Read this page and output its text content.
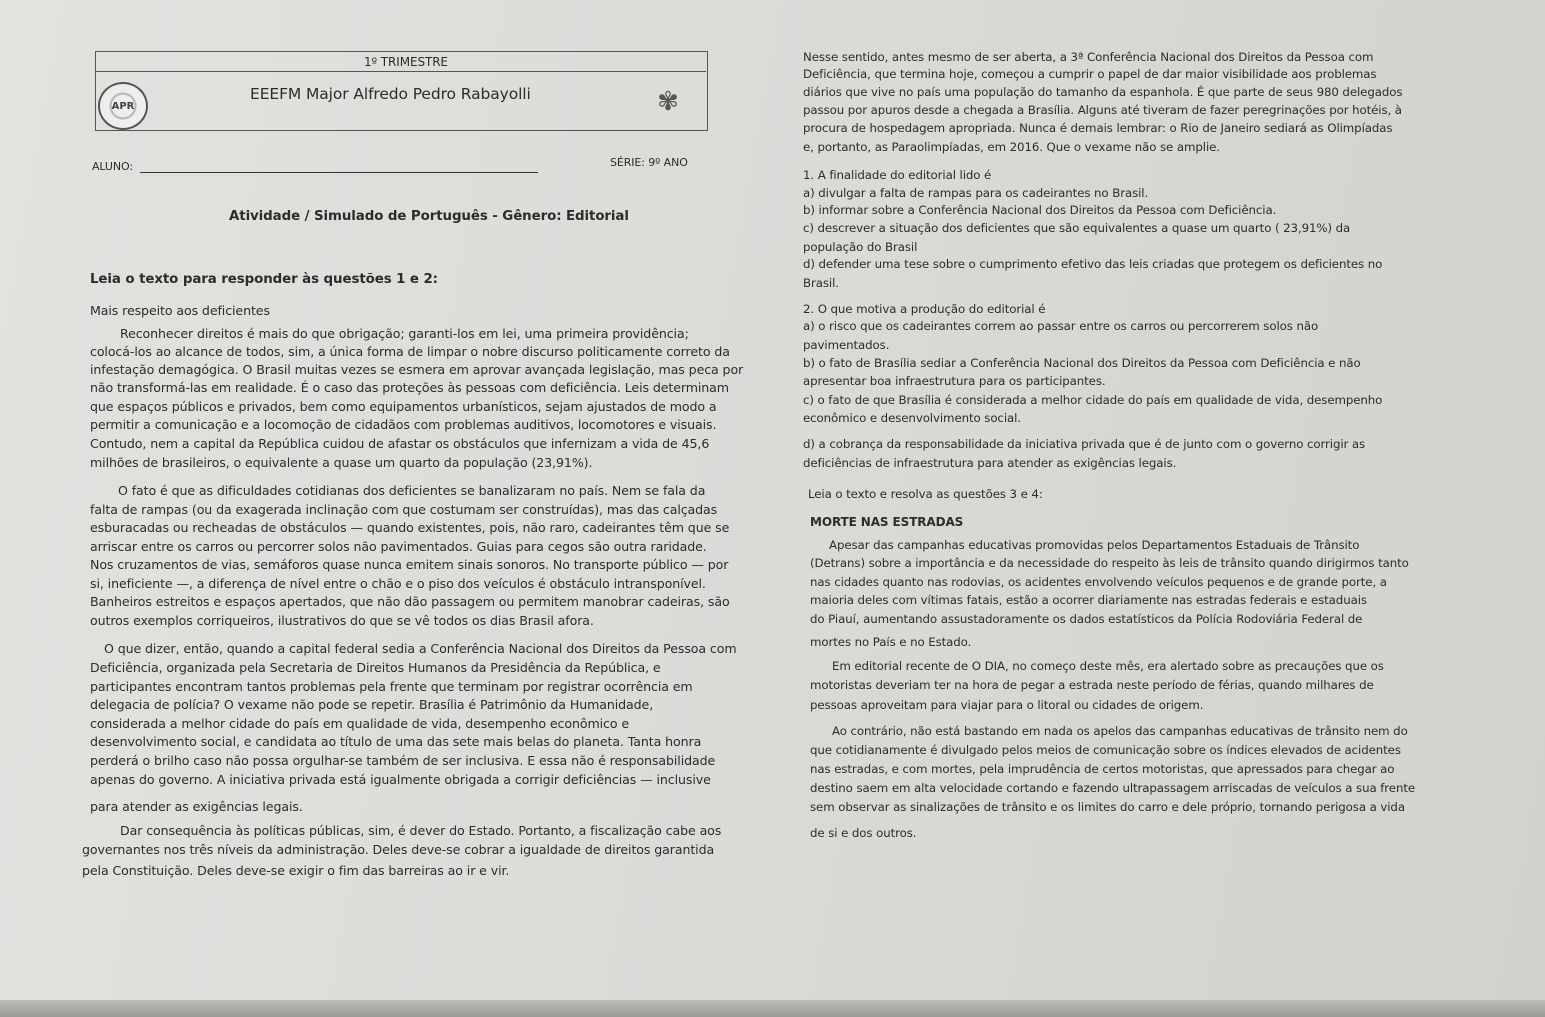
1º TRIMESTRE
APR
EEEFM Major Alfredo Pedro Rabayolli	✾
ALUNO:	SÉRIE: 9º ANO
Atividade / Simulado de Português - Gênero: Editorial
Leia o texto para responder às questões 1 e 2:
Mais respeito aos deficientes
Reconhecer direitos é mais do que obrigação; garanti-los em lei, uma primeira providência;
colocá-los ao alcance de todos, sim, a única forma de limpar o nobre discurso politicamente correto da
infestação demagógica. O Brasil muitas vezes se esmera em aprovar avançada legislação, mas peca por
não transformá-las em realidade. É o caso das proteções às pessoas com deficiência. Leis determinam
que espaços públicos e privados, bem como equipamentos urbanísticos, sejam ajustados de modo a
permitir a comunicação e a locomoção de cidadãos com problemas auditivos, locomotores e visuais.
Contudo, nem a capital da República cuidou de afastar os obstáculos que infernizam a vida de 45,6
milhões de brasileiros, o equivalente a quase um quarto da população (23,91%).
O fato é que as dificuldades cotidianas dos deficientes se banalizaram no país. Nem se fala da
falta de rampas (ou da exagerada inclinação com que costumam ser construídas), mas das calçadas
esburacadas ou recheadas de obstáculos — quando existentes, pois, não raro, cadeirantes têm que se
arriscar entre os carros ou percorrer solos não pavimentados. Guias para cegos são outra raridade.
Nos cruzamentos de vias, semáforos quase nunca emitem sinais sonoros. No transporte público — por
si, ineficiente —, a diferença de nível entre o chão e o piso dos veículos é obstáculo intransponível.
Banheiros estreitos e espaços apertados, que não dão passagem ou permitem manobrar cadeiras, são
outros exemplos corriqueiros, ilustrativos do que se vê todos os dias Brasil afora.
O que dizer, então, quando a capital federal sedia a Conferência Nacional dos Direitos da Pessoa com
Deficiência, organizada pela Secretaria de Direitos Humanos da Presidência da República, e
participantes encontram tantos problemas pela frente que terminam por registrar ocorrência em
delegacia de polícia? O vexame não pode se repetir. Brasília é Patrimônio da Humanidade,
considerada a melhor cidade do país em qualidade de vida, desempenho econômico e
desenvolvimento social, e candidata ao título de uma das sete mais belas do planeta. Tanta honra
perderá o brilho caso não possa orgulhar-se também de ser inclusiva. E essa não é responsabilidade
apenas do governo. A iniciativa privada está igualmente obrigada a corrigir deficiências — inclusive
para atender as exigências legais.
Dar consequência às políticas públicas, sim, é dever do Estado. Portanto, a fiscalização cabe aos
governantes nos três níveis da administração. Deles deve-se cobrar a igualdade de direitos garantida
pela Constituição. Deles deve-se exigir o fim das barreiras ao ir e vir.
Nesse sentido, antes mesmo de ser aberta, a 3ª Conferência Nacional dos Direitos da Pessoa com
Deficiência, que termina hoje, começou a cumprir o papel de dar maior visibilidade aos problemas
diários que vive no país uma população do tamanho da espanhola. É que parte de seus 980 delegados
passou por apuros desde a chegada a Brasília. Alguns até tiveram de fazer peregrinações por hotéis, à
procura de hospedagem apropriada. Nunca é demais lembrar: o Rio de Janeiro sediará as Olimpíadas
e, portanto, as Paraolimpíadas, em 2016. Que o vexame não se amplie.
1. A finalidade do editorial lido é
a) divulgar a falta de rampas para os cadeirantes no Brasil.
b) informar sobre a Conferência Nacional dos Direitos da Pessoa com Deficiência.
c) descrever a situação dos deficientes que são equivalentes a quase um quarto ( 23,91%) da
população do Brasil
d) defender uma tese sobre o cumprimento efetivo das leis criadas que protegem os deficientes no
Brasil.
2. O que motiva a produção do editorial é
a) o risco que os cadeirantes correm ao passar entre os carros ou percorrerem solos não
pavimentados.
b) o fato de Brasília sediar a Conferência Nacional dos Direitos da Pessoa com Deficiência e não
apresentar boa infraestrutura para os participantes.
c) o fato de que Brasília é considerada a melhor cidade do país em qualidade de vida, desempenho
econômico e desenvolvimento social.
d) a cobrança da responsabilidade da iniciativa privada que é de junto com o governo corrigir as
deficiências de infraestrutura para atender as exigências legais.
Leia o texto e resolva as questões 3 e 4:
MORTE NAS ESTRADAS
Apesar das campanhas educativas promovidas pelos Departamentos Estaduais de Trânsito
(Detrans) sobre a importância e da necessidade do respeito às leis de trânsito quando dirigirmos tanto
nas cidades quanto nas rodovias, os acidentes envolvendo veículos pequenos e de grande porte, a
maioria deles com vítimas fatais, estão a ocorrer diariamente nas estradas federais e estaduais
do Piauí, aumentando assustadoramente os dados estatísticos da Polícia Rodoviária Federal de
mortes no País e no Estado.
Em editorial recente de O DIA, no começo deste mês, era alertado sobre as precauções que os
motoristas deveriam ter na hora de pegar a estrada neste período de férias, quando milhares de
pessoas aproveitam para viajar para o litoral ou cidades de origem.
Ao contrário, não está bastando em nada os apelos das campanhas educativas de trânsito nem do
que cotidianamente é divulgado pelos meios de comunicação sobre os índices elevados de acidentes
nas estradas, e com mortes, pela imprudência de certos motoristas, que apressados para chegar ao
destino saem em alta velocidade cortando e fazendo ultrapassagem arriscadas de veículos a sua frente
sem observar as sinalizações de trânsito e os limites do carro e dele próprio, tornando perigosa a vida
de si e dos outros.
